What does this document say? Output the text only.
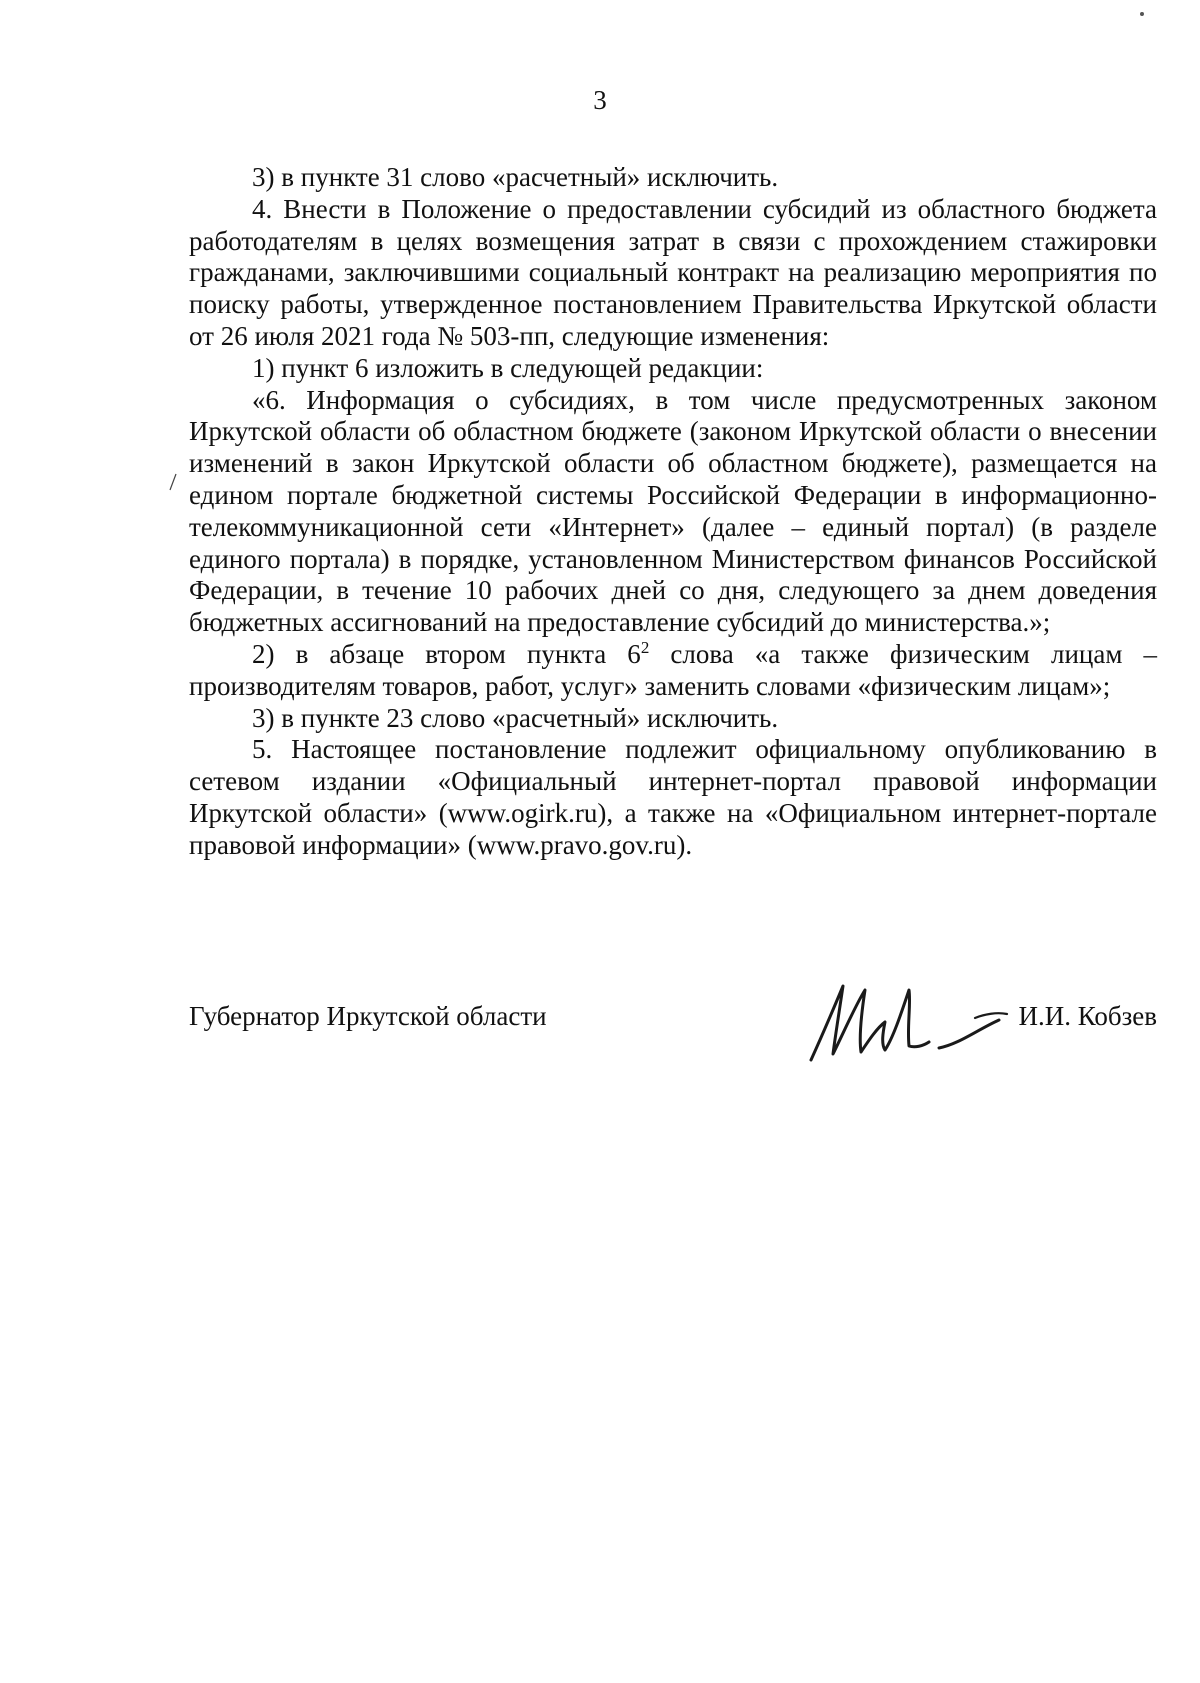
3

3) в пункте 31 слово «расчетный» исключить.

4. Внести в Положение о предоставлении субсидий из областного бюджета работодателям в целях возмещения затрат в связи с прохождением стажировки гражданами, заключившими социальный контракт на реализацию мероприятия по поиску работы, утвержденное постановлением Правительства Иркутской области от 26 июля 2021 года № 503-пп, следующие изменения:

1) пункт 6 изложить в следующей редакции:

«6. Информация о субсидиях, в том числе предусмотренных законом Иркутской области об областном бюджете (законом Иркутской области о внесении изменений в закон Иркутской области об областном бюджете), размещается на едином портале бюджетной системы Российской Федерации в информационно-телекоммуникационной сети «Интернет» (далее – единый портал) (в разделе единого портала) в порядке, установленном Министерством финансов Российской Федерации, в течение 10 рабочих дней со дня, следующего за днем доведения бюджетных ассигнований на предоставление субсидий до министерства.»;

2) в абзаце втором пункта $6^2$ слова «а также физическим лицам – производителям товаров, работ, услуг» заменить словами «физическим лицам»;

3) в пункте 23 слово «расчетный» исключить.

5. Настоящее постановление подлежит официальному опубликованию в сетевом издании «Официальный интернет-портал правовой информации Иркутской области» (www.ogirk.ru), а также на «Официальном интернет-портале правовой информации» (www.pravo.gov.ru).

Губернатор Иркутской области	И.И. Кобзев
